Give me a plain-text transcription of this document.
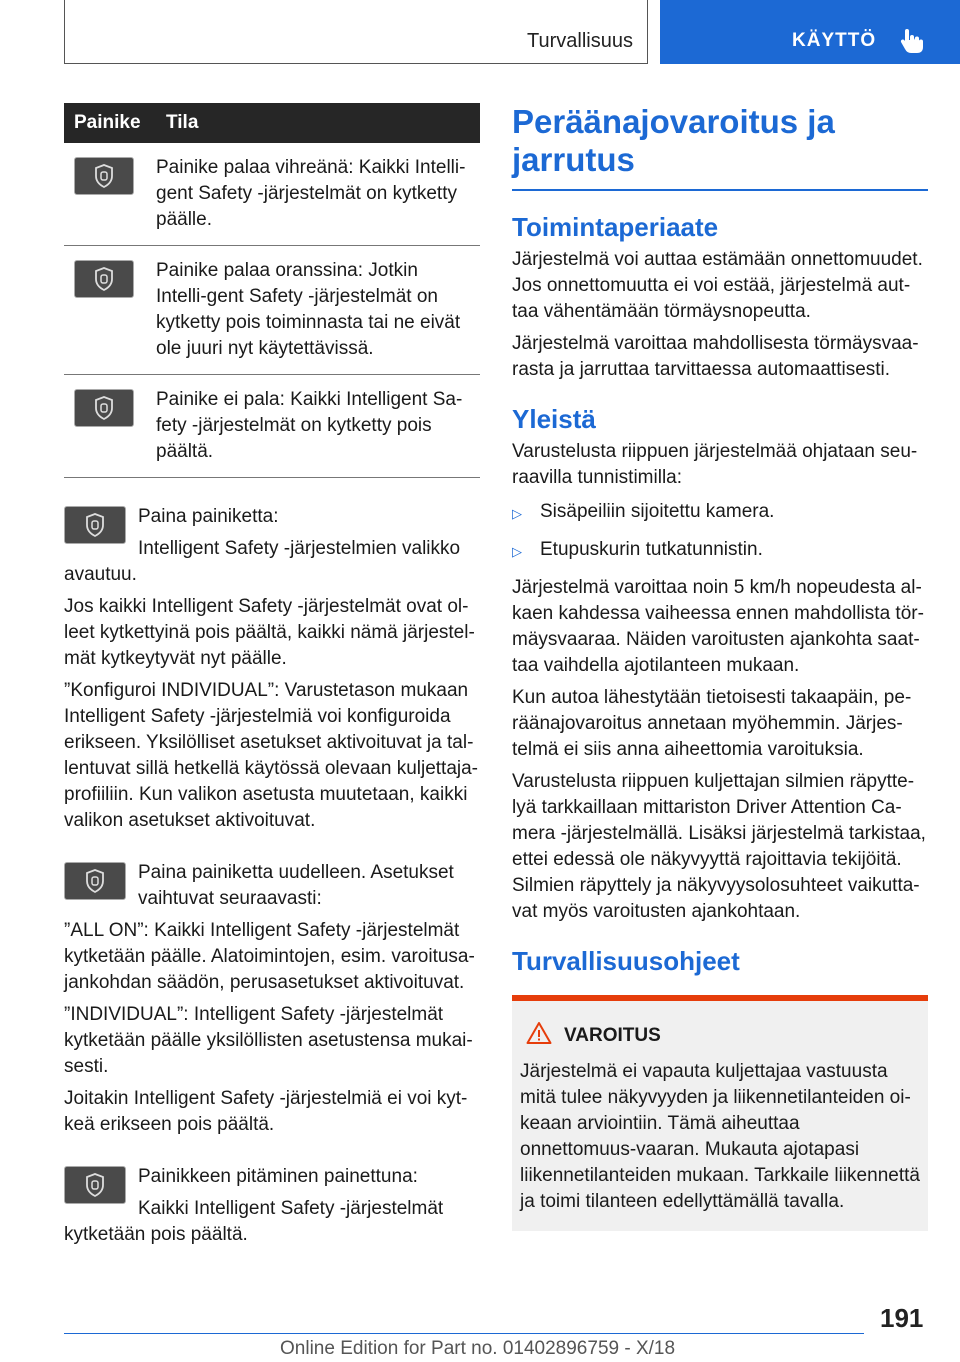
Turvallisuus	KÄYTTÖ
Painike	Tila

	Painike palaa vihreänä: Kaikki Intelli-gent Safety -järjestelmät on kytketty päälle.

	Painike palaa oranssina: Jotkin Intelli-gent Safety -järjestelmät on kytketty pois toiminnasta tai ne eivät ole juuri nyt käytettävissä.

	Painike ei pala: Kaikki Intelligent Sa-fety -järjestelmät on kytketty pois päältä.

Paina painiketta:

Intelligent Safety -järjestelmien valikko avautuu.

Jos kaikki Intelligent Safety -järjestelmät ovat ol-leet kytkettyinä pois päältä, kaikki nämä järjestel-mät kytkeytyvät nyt päälle.

”Konfiguroi INDIVIDUAL”: Varustetason mukaan Intelligent Safety -järjestelmiä voi konfiguroida erikseen. Yksilölliset asetukset aktivoituvat ja tal-lentuvat sillä hetkellä käytössä olevaan kuljettaja-profiiliin. Kun valikon asetusta muutetaan, kaikki valikon asetukset aktivoituvat.

Paina painiketta uudelleen. Asetukset vaihtuvat seuraavasti:

”ALL ON”: Kaikki Intelligent Safety -järjestelmät kytketään päälle. Alatoimintojen, esim. varoitusa-jankohdan säädön, perusasetukset aktivoituvat.

”INDIVIDUAL”: Intelligent Safety -järjestelmät kytketään päälle yksilöllisten asetustensa mukai-sesti.

Joitakin Intelligent Safety -järjestelmiä ei voi kyt-keä erikseen pois päältä.

Painikkeen pitäminen painettuna:

Kaikki Intelligent Safety -järjestelmät kytketään pois päältä.

Peräänajovaroitus ja jarrutus
Toimintaperiaate

Järjestelmä voi auttaa estämään onnettomuudet. Jos onnettomuutta ei voi estää, järjestelmä aut-taa vähentämään törmäysnopeutta.

Järjestelmä varoittaa mahdollisesta törmäysvaa-rasta ja jarruttaa tarvittaessa automaattisesti.

Yleistä

Varustelusta riippuen järjestelmää ohjataan seu-raavilla tunnistimilla:

▷ Sisäpeiliin sijoitettu kamera.
▷ Etupuskurin tutkatunnistin.

Järjestelmä varoittaa noin 5 km/h nopeudesta al-kaen kahdessa vaiheessa ennen mahdollista tör-mäysvaaraa. Näiden varoitusten ajankohta saat-taa vaihdella ajotilanteen mukaan.

Kun autoa lähestytään tietoisesti takaapäin, pe-räänajovaroitus annetaan myöhemmin. Järjes-telmä ei siis anna aiheettomia varoituksia.

Varustelusta riippuen kuljettajan silmien räpytte-lyä tarkkaillaan mittariston Driver Attention Ca-mera -järjestelmällä. Lisäksi järjestelmä tarkistaa, ettei edessä ole näkyvyyttä rajoittavia tekijöitä. Silmien räpyttely ja näkyvyysolosuhteet vaikutta-vat myös varoitusten ajankohtaan.

Turvallisuusohjeet
VAROITUS

Järjestelmä ei vapauta kuljettajaa vastuusta mitä tulee näkyvyyden ja liikennetilanteiden oi-keaan arviointiin. Tämä aiheuttaa onnettomuus-vaaran. Mukauta ajotapasi liikennetilanteiden mukaan. Tarkkaile liikennettä ja toimi tilanteen edellyttämällä tavalla.

191
Online Edition for Part no. 01402896759 - X/18
